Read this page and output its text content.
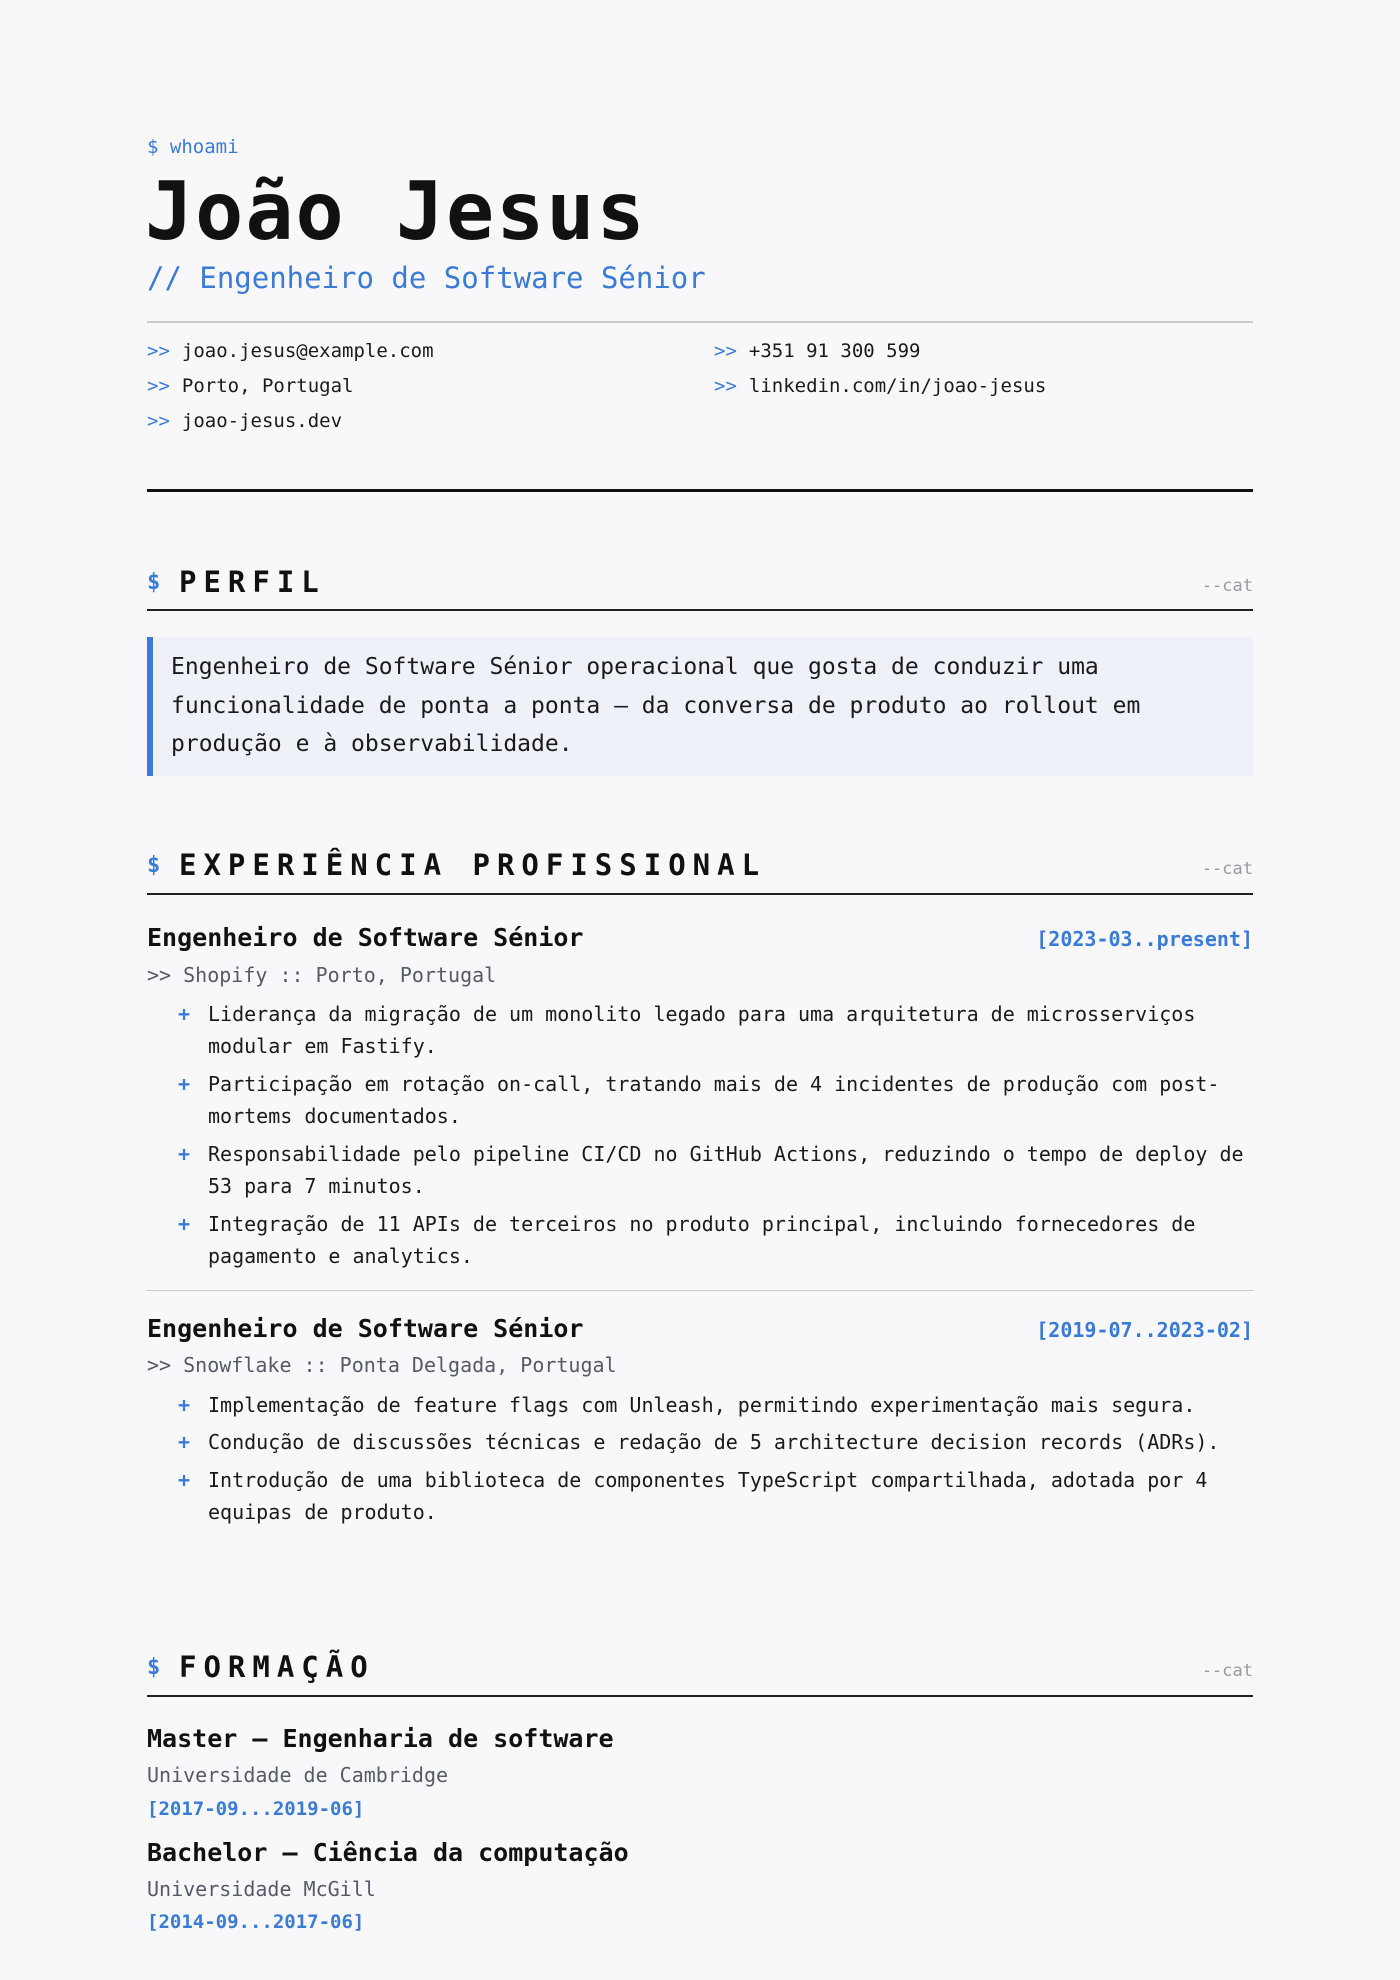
$ whoami
João Jesus
// Engenheiro de Software Sénior
>> joao.jesus@example.com	>> +351 91 300 599
>> Porto, Portugal	>> linkedin.com/in/joao-jesus
>> joao-jesus.dev
$ PERFIL	--cat
Engenheiro de Software Sénior operacional que gosta de conduzir uma funcionalidade de ponta a ponta — da conversa de produto ao rollout em produção e à observabilidade.
$ EXPERIÊNCIA PROFISSIONAL	--cat
Engenheiro de Software Sénior	[2023-03..present]
>> Shopify :: Porto, Portugal
+ Liderança da migração de um monolito legado para uma arquitetura de microsserviços modular em Fastify.
+ Participação em rotação on-call, tratando mais de 4 incidentes de produção com post-mortems documentados.
+ Responsabilidade pelo pipeline CI/CD no GitHub Actions, reduzindo o tempo de deploy de 53 para 7 minutos.
+ Integração de 11 APIs de terceiros no produto principal, incluindo fornecedores de pagamento e analytics.
Engenheiro de Software Sénior	[2019-07..2023-02]
>> Snowflake :: Ponta Delgada, Portugal
+ Implementação de feature flags com Unleash, permitindo experimentação mais segura.
+ Condução de discussões técnicas e redação de 5 architecture decision records (ADRs).
+ Introdução de uma biblioteca de componentes TypeScript compartilhada, adotada por 4 equipas de produto.
$ FORMAÇÃO	--cat
Master — Engenharia de software
Universidade de Cambridge
[2017-09...2019-06]
Bachelor — Ciência da computação
Universidade McGill
[2014-09...2017-06]
